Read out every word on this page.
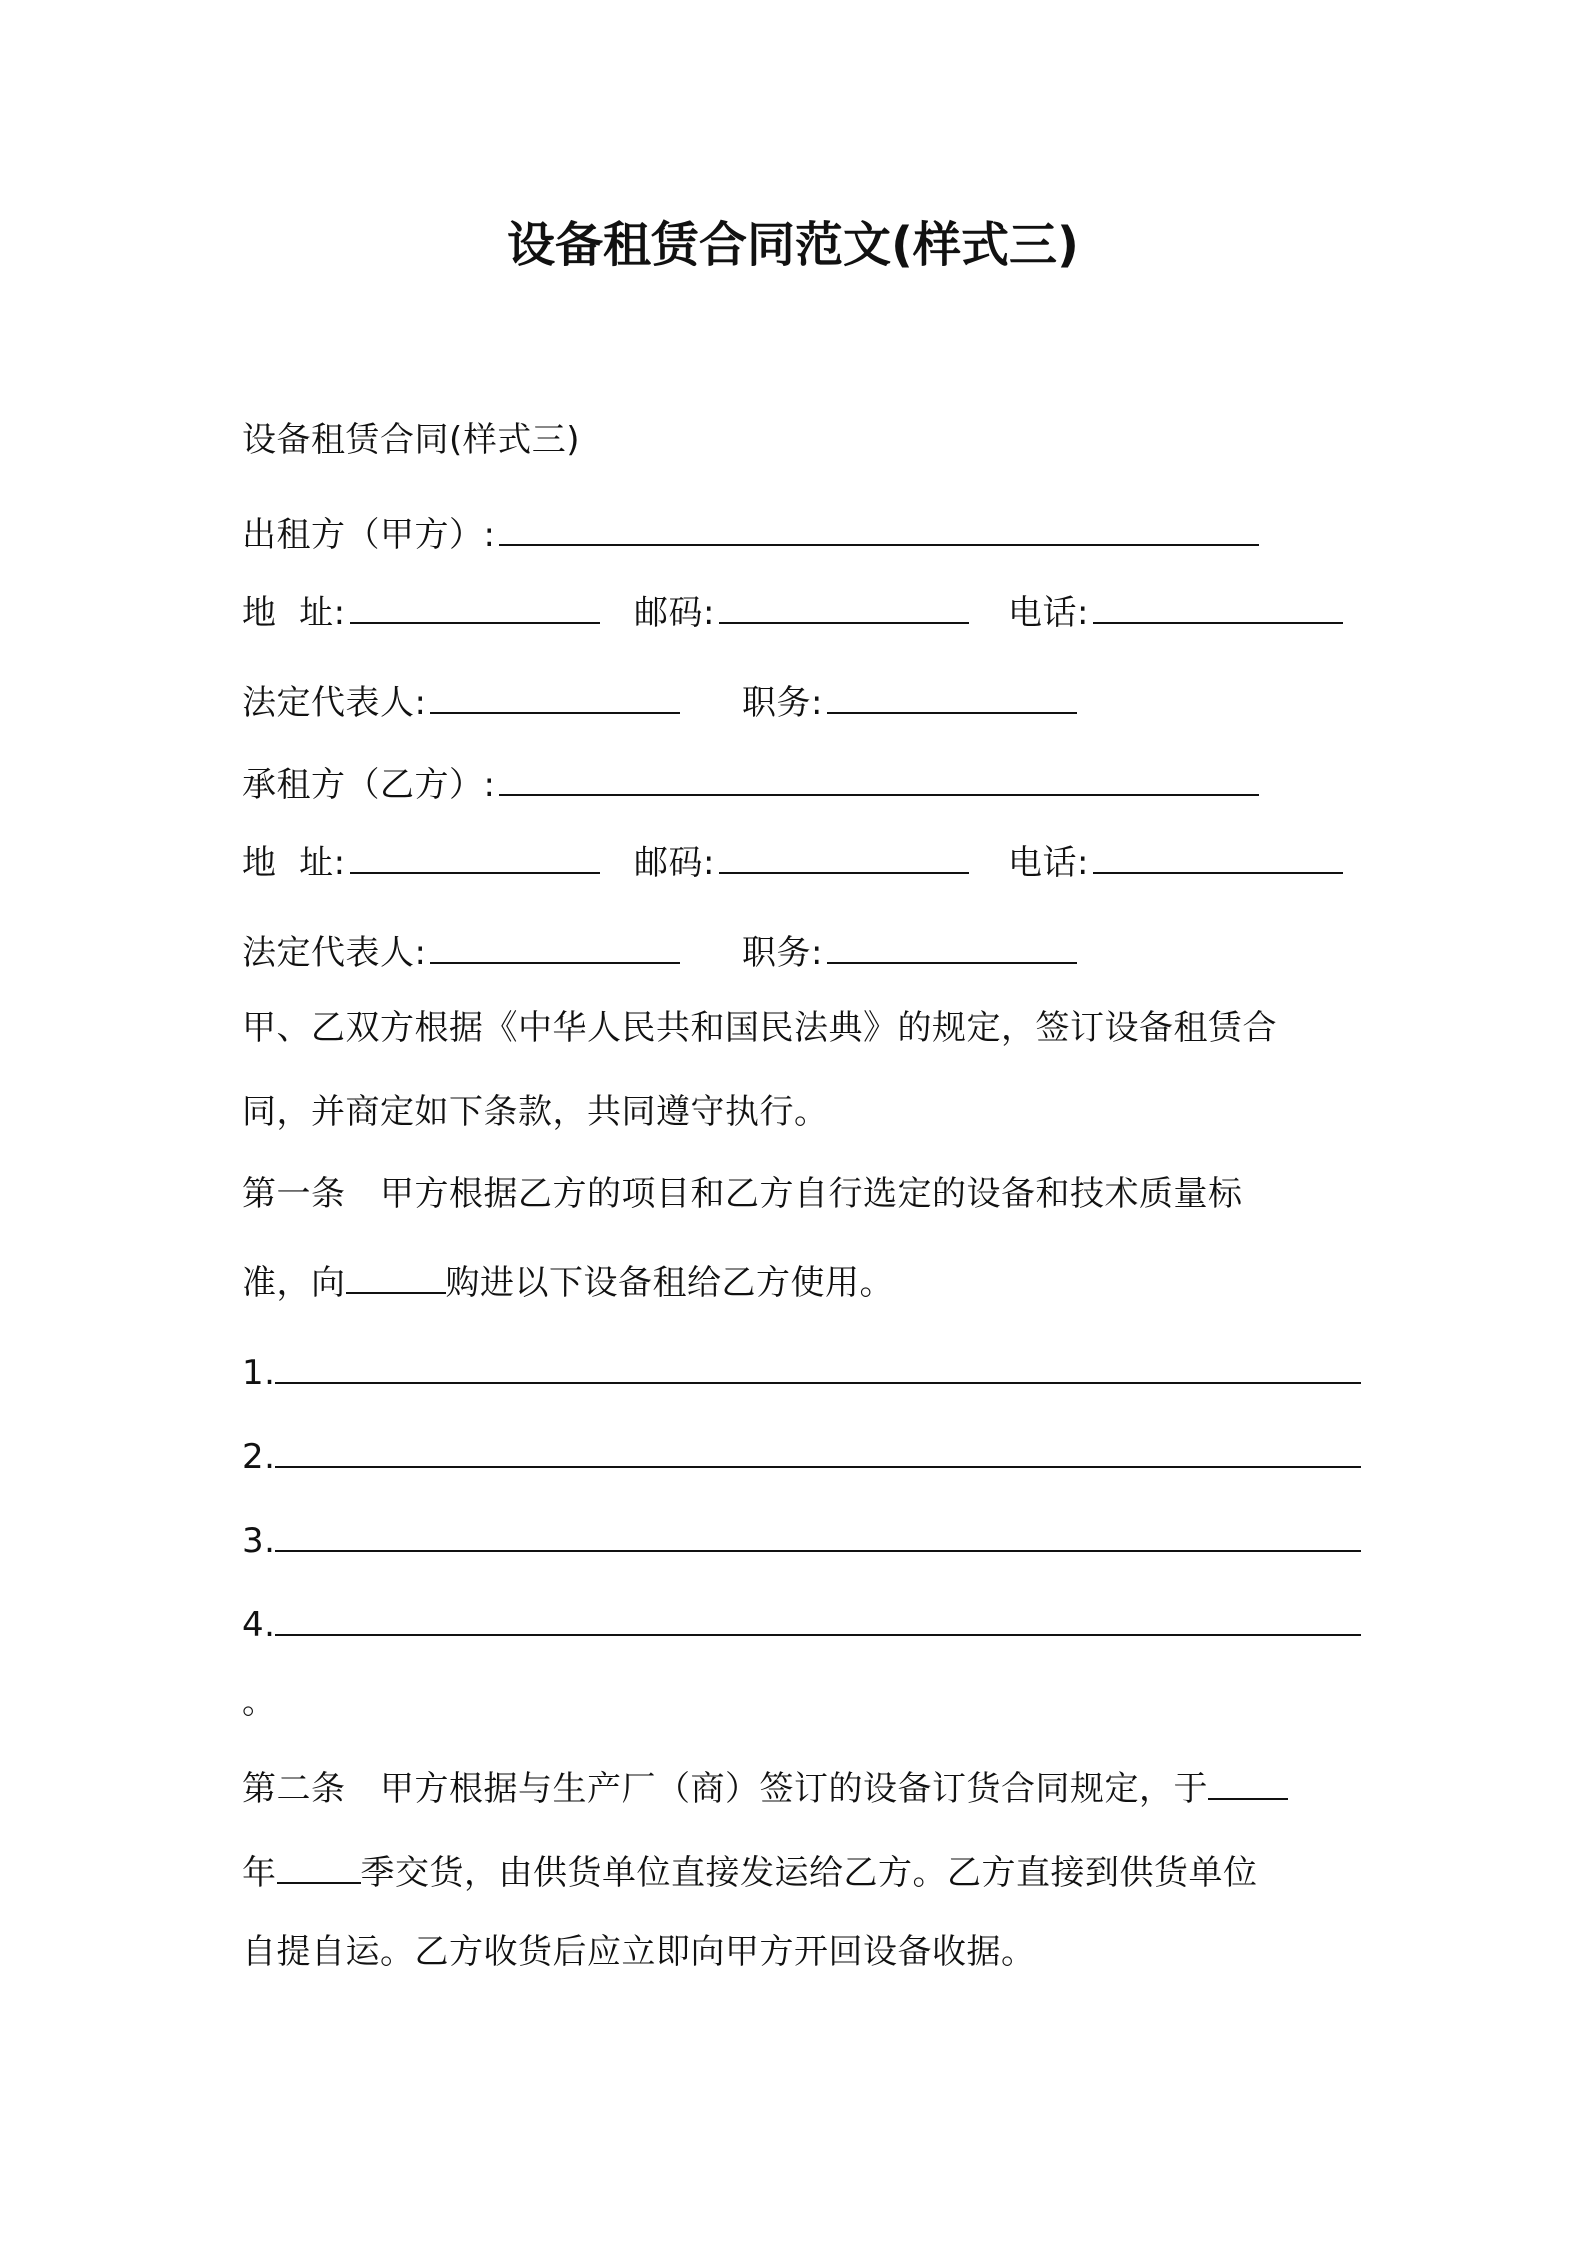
设备租赁合同范文(样式三)
设备租赁合同(样式三)
出租方（甲方）:
地  址:	邮码:	电话:
法定代表人:	职务:
承租方（乙方）:
地  址:	邮码:	电话:
法定代表人:	职务:
甲、乙双方根据《中华人民共和国民法典》的规定，签订设备租赁合
同，并商定如下条款，共同遵守执行。
第一条　甲方根据乙方的项目和乙方自行选定的设备和技术质量标
准，向	购进以下设备租给乙方使用。
1.
2.
3.
4.
。
第二条　甲方根据与生产厂（商）签订的设备订货合同规定，于
年 季交货，由供货单位直接发运给乙方。乙方直接到供货单位
自提自运。乙方收货后应立即向甲方开回设备收据。
